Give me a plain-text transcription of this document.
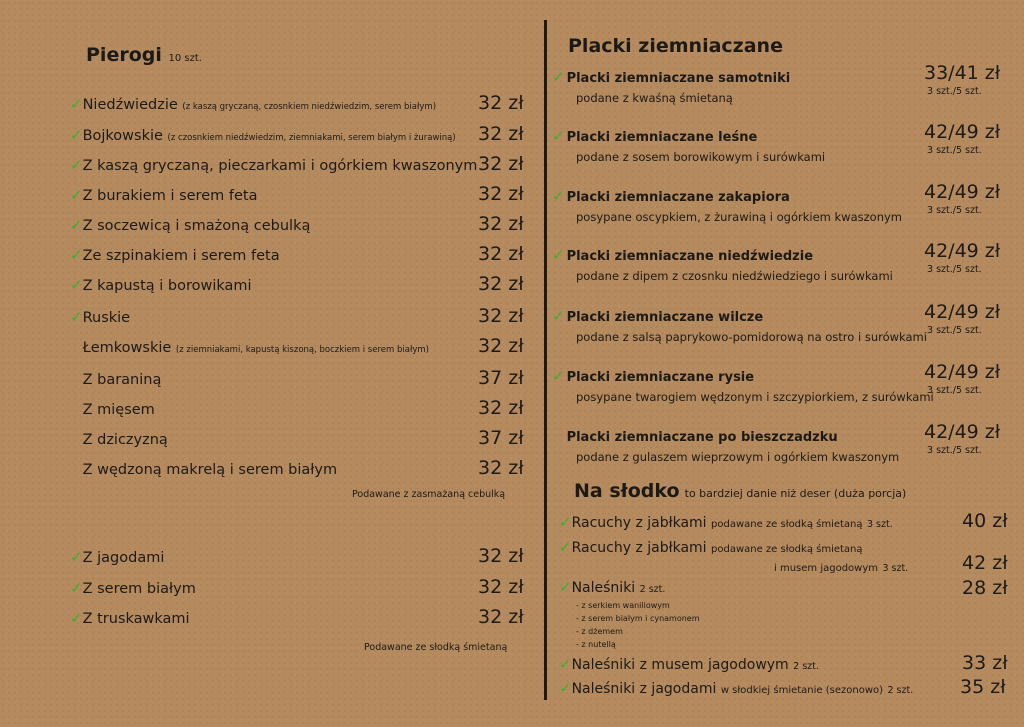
Pierogi 10 szt.
✓Niedźwiedzie (z kaszą gryczaną, czosnkiem niedźwiedzim, serem białym) 32 zł
✓Bojkowskie (z czosnkiem niedźwiedzim, ziemniakami, serem białym i żurawiną) 32 zł
✓Z kaszą gryczaną, pieczarkami i ogórkiem kwaszonym 32 zł
✓Z burakiem i serem feta	32 zł
✓Z soczewicą i smażoną cebulką	32 zł
✓Ze szpinakiem i serem feta	32 zł
✓Z kapustą i borowikami	32 zł
✓Ruskie	32 zł
Łemkowskie (z ziemniakami, kapustą kiszoną, boczkiem i serem białym)	32 zł
Z baraniną	37 zł
Z mięsem	32 zł
Z dziczyzną	37 zł
Z wędzoną makrelą i serem białym	32 zł
Podawane z zasmażaną cebulką
✓Z jagodami	32 zł
✓Z serem białym	32 zł
✓Z truskawkami	32 zł
Podawane ze słodką śmietaną
Placki ziemniaczane
✓ Placki ziemniaczane samotniki
podane z kwaśną śmietaną
33/41 zł
3 szt./5 szt.
✓ Placki ziemniaczane leśne
podane z sosem borowikowym i surówkami
42/49 zł
3 szt./5 szt.
✓ Placki ziemniaczane zakapiora
posypane oscypkiem, z żurawiną i ogórkiem kwaszonym
42/49 zł
3 szt./5 szt.
✓ Placki ziemniaczane niedźwiedzie
podane z dipem z czosnku niedźwiedziego i surówkami
42/49 zł
3 szt./5 szt.
✓ Placki ziemniaczane wilcze
podane z salsą paprykowo-pomidorową na ostro i surówkami
42/49 zł
3 szt./5 szt.
✓ Placki ziemniaczane rysie
posypane twarogiem wędzonym i szczypiorkiem, z surówkami
42/49 zł
3 szt./5 szt.
Placki ziemniaczane po bieszczadzku
podane z gulaszem wieprzowym i ogórkiem kwaszonym
42/49 zł
3 szt./5 szt.
Na słodko to bardziej danie niż deser (duża porcja)
✓Racuchy z jabłkami podawane ze słodką śmietaną 3 szt.	40 zł
✓Racuchy z jabłkami podawane ze słodką śmietaną
i musem jagodowym 3 szt.	42 zł
✓Naleśniki 2 szt.	28 zł
- z serkiem waniliowym
- z serem białym i cynamonem
- z dżemem
- z nutellą
✓Naleśniki z musem jagodowym 2 szt.	33 zł
✓Naleśniki z jagodami w słodkiej śmietanie (sezonowo) 2 szt. 35 zł
